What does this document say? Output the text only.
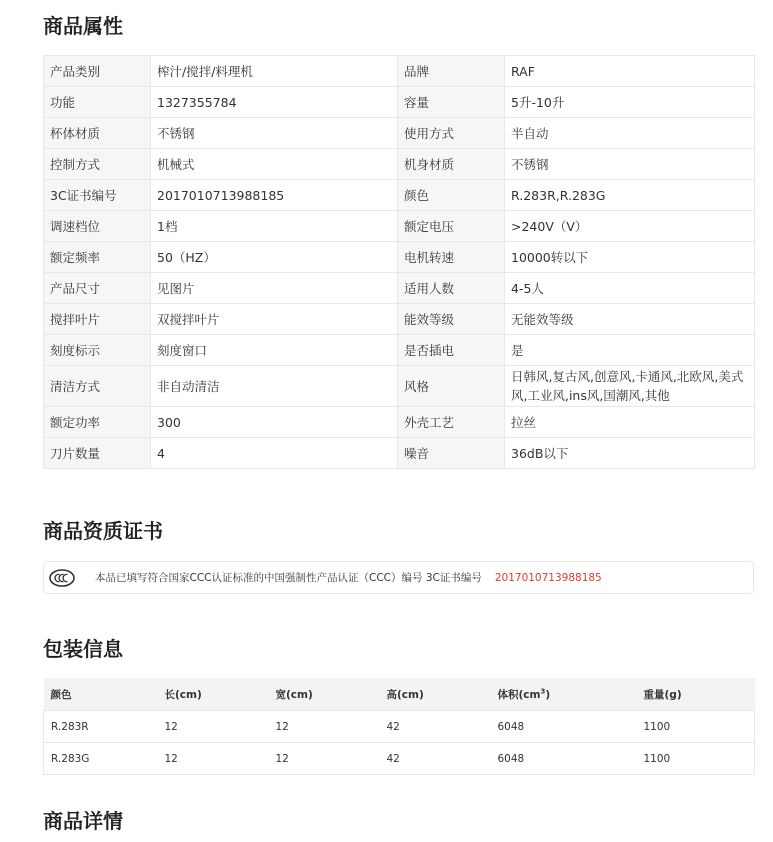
商品属性
产品类别	榨汁/搅拌/料理机	品牌	RAF
功能	1327355784	容量	5升-10升
杯体材质	不锈钢	使用方式	半自动
控制方式	机械式	机身材质	不锈钢
3C证书编号	2017010713988185	颜色	R.283R,R.283G
调速档位	1档	额定电压	>240V（V）
额定频率	50（HZ）	电机转速	10000转以下
产品尺寸	见图片	适用人数	4-5人
搅拌叶片	双搅拌叶片	能效等级	无能效等级
刻度标示	刻度窗口	是否插电	是
清洁方式	非自动清洁	风格	日韩风,复古风,创意风,卡通风,北欧风,美式风,工业风,ins风,国潮风,其他
额定功率	300	外壳工艺	拉丝
刀片数量	4	噪音	36dB以下
商品资质证书
本品已填写符合国家CCC认证标准的中国强制性产品认证（CCC）编号 3C证书编号 2017010713988185
包装信息
颜色	长(cm)	宽(cm)	高(cm)	体积$(cm^3)$	重量(g)
R.283R	12	12	42	6048	1100
R.283G	12	12	42	6048	1100
商品详情
